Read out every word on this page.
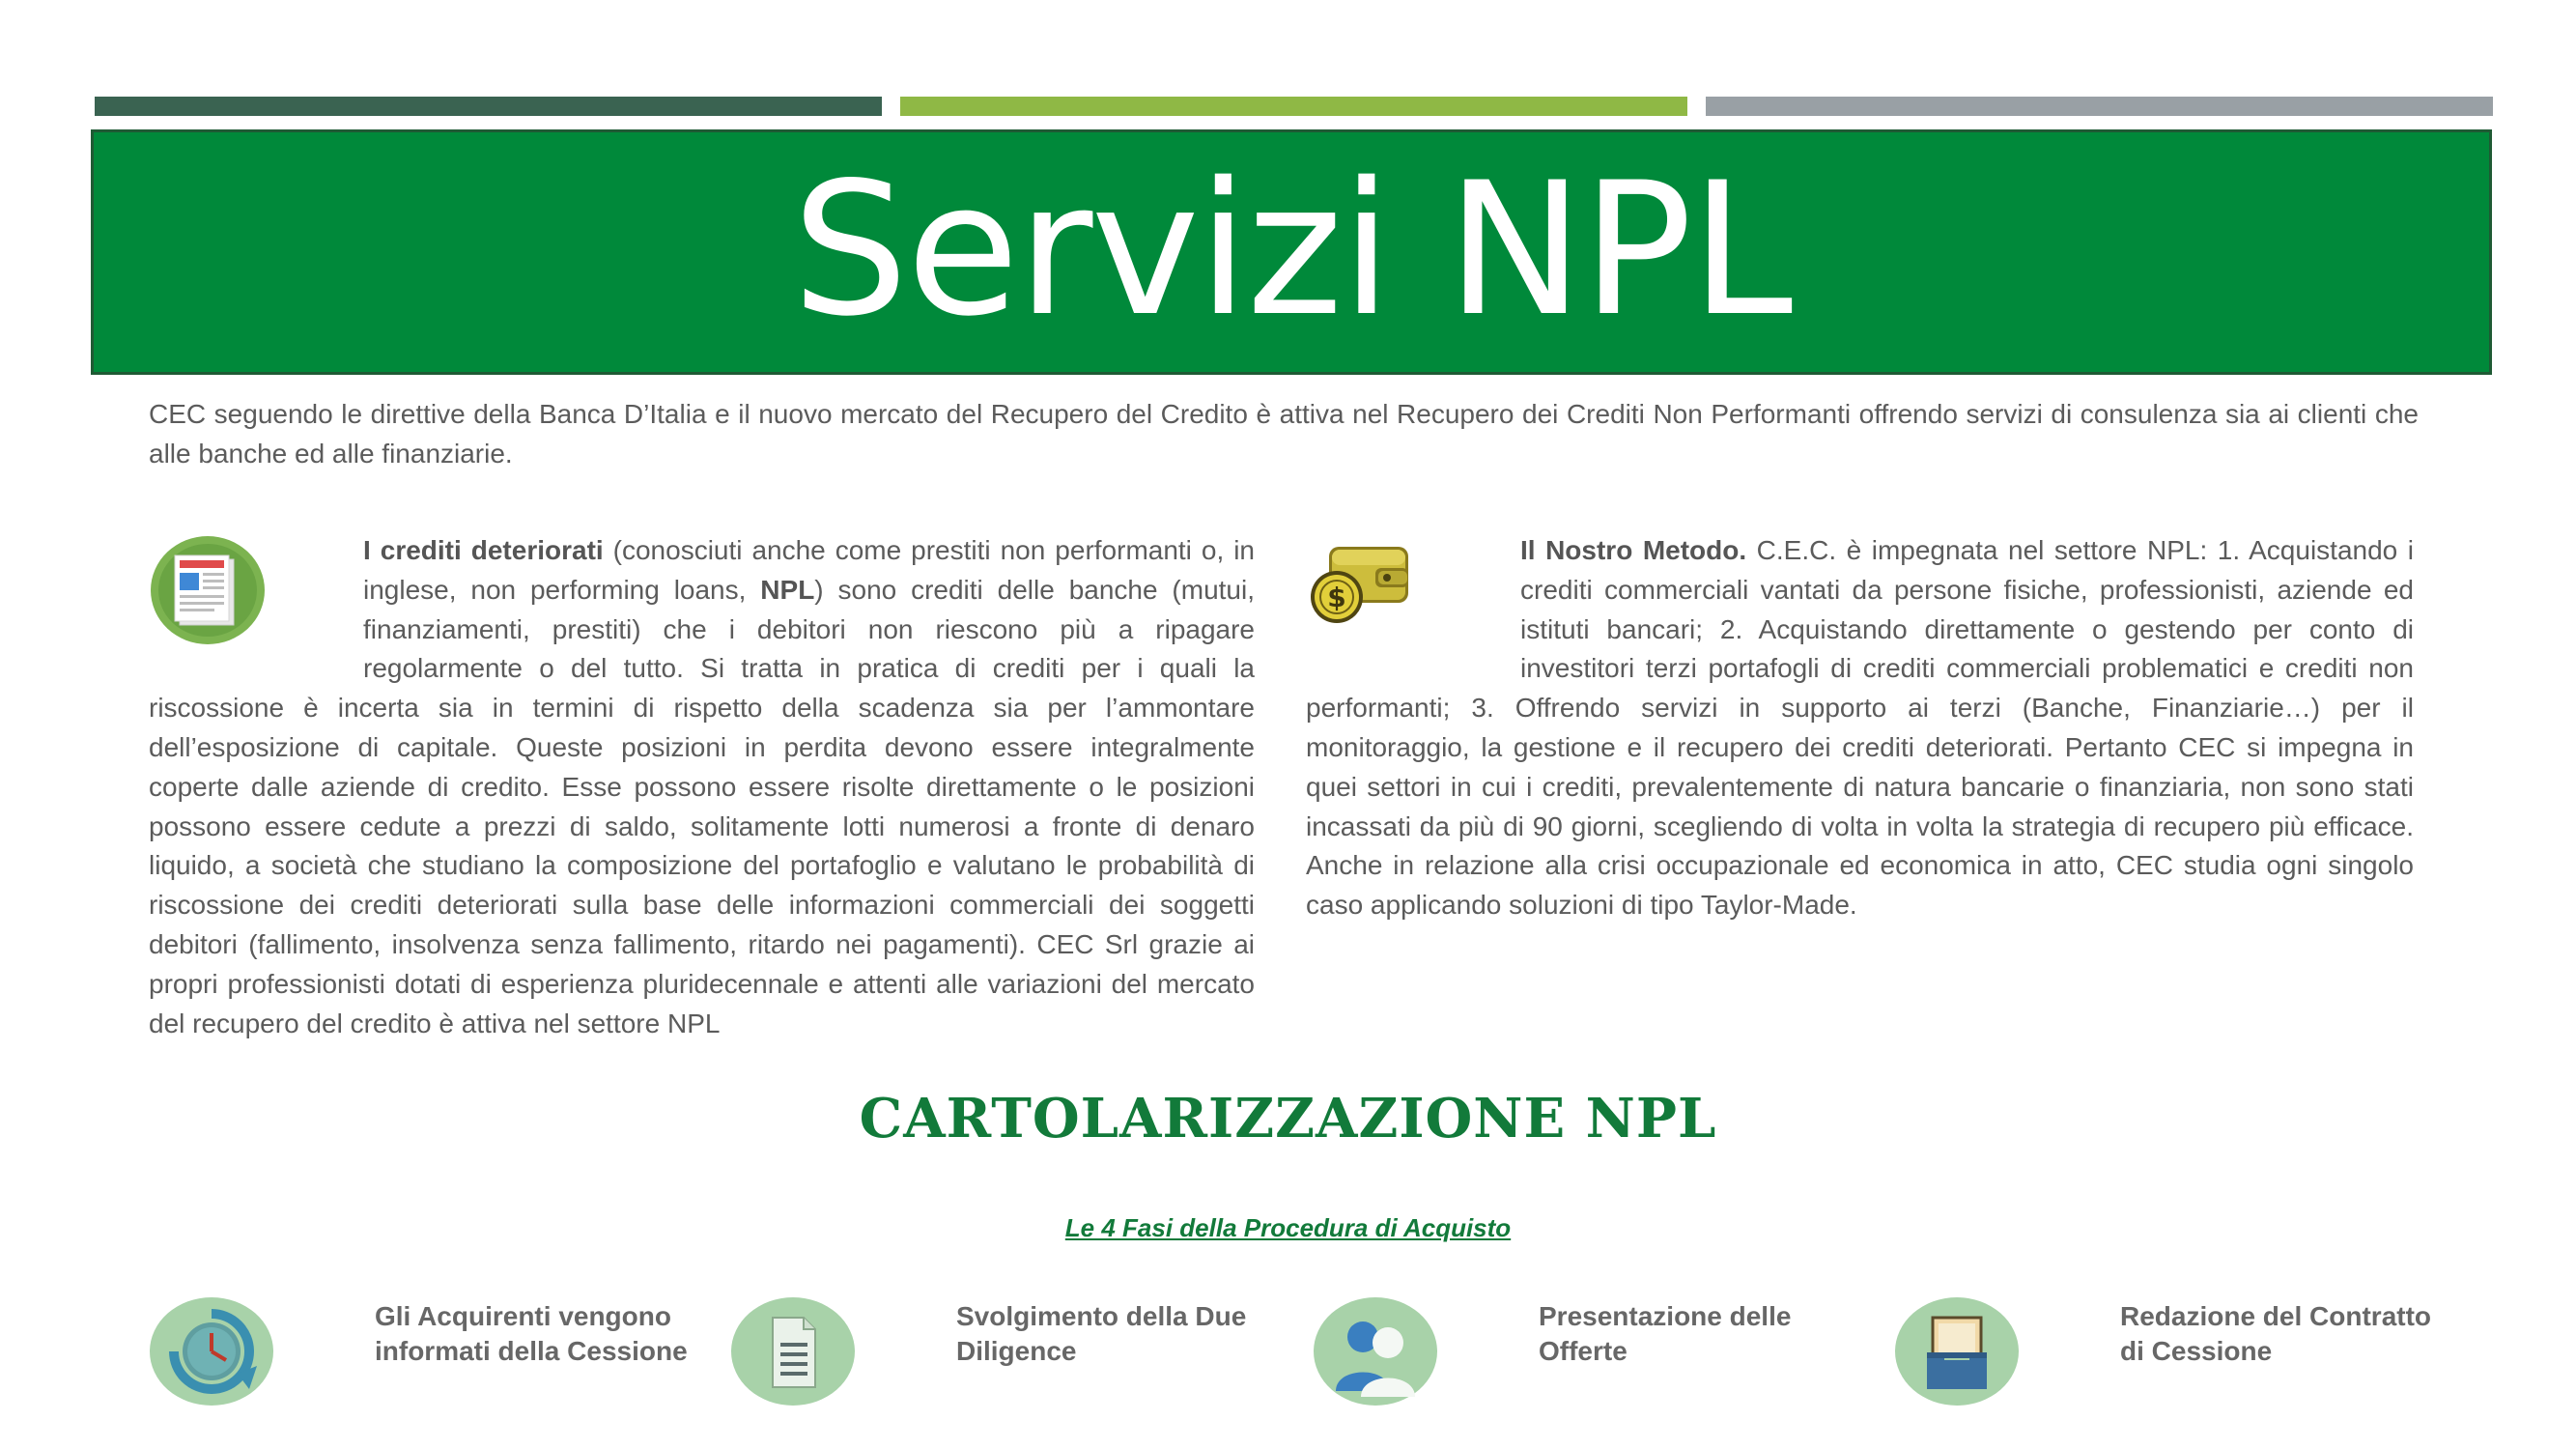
Servizi NPL
CEC seguendo le direttive della Banca D’Italia e il nuovo mercato del Recupero del Credito è attiva nel Recupero dei Crediti Non Performanti offrendo servizi di consulenza sia ai clienti che alle banche ed alle finanziarie.
I crediti deteriorati (conosciuti anche come prestiti non performanti o, in inglese, non performing loans, NPL) sono crediti delle banche (mutui, finanziamenti, prestiti) che i debitori non riescono più a ripagare regolarmente o del tutto. Si tratta in pratica di crediti per i quali la riscossione è incerta sia in termini di rispetto della scadenza sia per l’ammontare dell’esposizione di capitale. Queste posizioni in perdita devono essere integralmente coperte dalle aziende di credito. Esse possono essere risolte direttamente o le posizioni possono essere cedute a prezzi di saldo, solitamente lotti numerosi a fronte di denaro liquido, a società che studiano la composizione del portafoglio e valutano le probabilità di riscossione dei crediti deteriorati sulla base delle informazioni commerciali dei soggetti debitori (fallimento, insolvenza senza fallimento, ritardo nei pagamenti). CEC Srl grazie ai propri professionisti dotati di esperienza pluridecennale e attenti alle variazioni del mercato del recupero del credito è attiva nel settore NPL
$
Il Nostro Metodo. C.E.C. è impegnata nel settore NPL: 1. Acquistando i crediti commerciali vantati da persone fisiche, professionisti, aziende ed istituti bancari; 2. Acquistando direttamente o gestendo per conto di investitori terzi portafogli di crediti commerciali problematici e crediti non performanti; 3. Offrendo servizi in supporto ai terzi (Banche, Finanziarie…) per il monitoraggio, la gestione e il recupero dei crediti deteriorati. Pertanto CEC si impegna in quei settori in cui i crediti, prevalentemente di natura bancarie o finanziaria, non sono stati incassati da più di 90 giorni, scegliendo di volta in volta la strategia di recupero più efficace. Anche in relazione alla crisi occupazionale ed economica in atto, CEC studia ogni singolo caso applicando soluzioni di tipo Taylor-Made.
CARTOLARIZZAZIONE NPL
Le 4 Fasi della Procedura di Acquisto
Gli Acquirenti vengono informati della Cessione
Svolgimento della Due Diligence
Presentazione delle Offerte
Redazione del Contratto di Cessione
